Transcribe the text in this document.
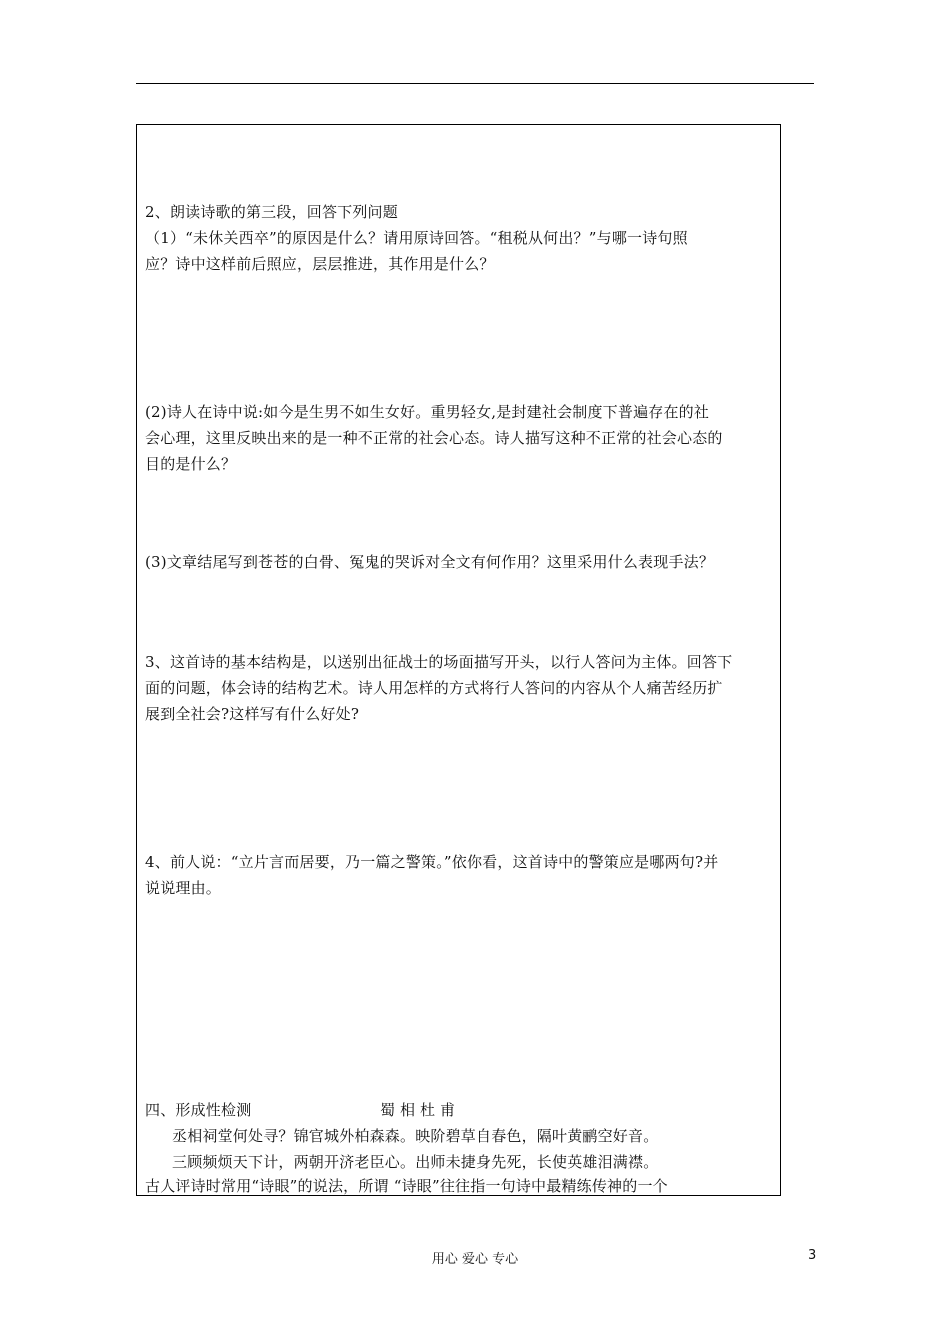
2、朗读诗歌的第三段，回答下列问题
（1）“未休关西卒”的原因是什么？请用原诗回答。“租税从何出？”与哪一诗句照
应？诗中这样前后照应，层层推进，其作用是什么？
(2)诗人在诗中说:如今是生男不如生女好。重男轻女,是封建社会制度下普遍存在的社
会心理，这里反映出来的是一种不正常的社会心态。诗人描写这种不正常的社会心态的
目的是什么？
(3)文章结尾写到苍苍的白骨、冤鬼的哭诉对全文有何作用？这里采用什么表现手法？
3、这首诗的基本结构是，以送别出征战士的场面描写开头，以行人答问为主体。回答下
面的问题，体会诗的结构艺术。诗人用怎样的方式将行人答问的内容从个人痛苦经历扩
展到全社会?这样写有什么好处?
4、前人说：“立片言而居要，乃一篇之警策。”依你看，这首诗中的警策应是哪两句?并
说说理由。
四、形成性检测	蜀相杜甫
丞相祠堂何处寻？锦官城外柏森森。映阶碧草自春色，隔叶黄鹂空好音。
三顾频烦天下计，两朝开济老臣心。出师未捷身先死，长使英雄泪满襟。
古人评诗时常用“诗眼”的说法，所谓 “诗眼”往往指一句诗中最精练传神的一个
用心 爱心 专心	3
